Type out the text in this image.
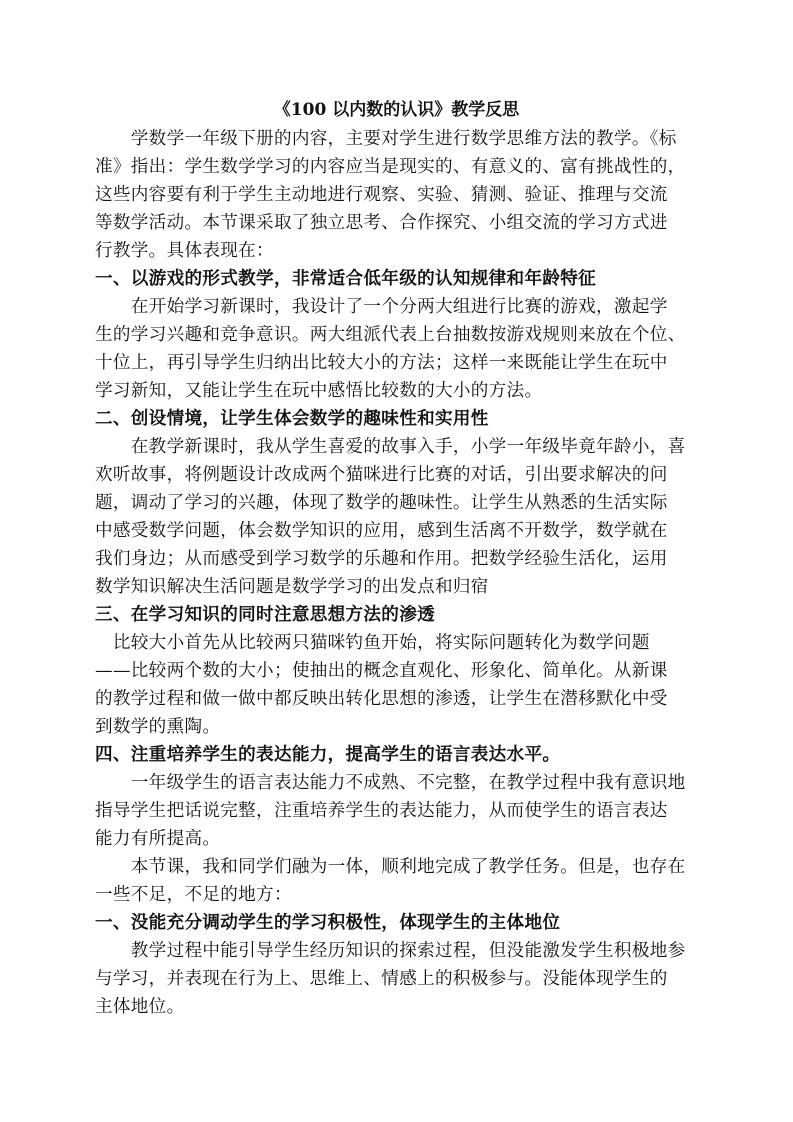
《100 以内数的认识》教学反思
　　学数学一年级下册的内容，主要对学生进行数学思维方法的教学。《标
准》指出：学生数学学习的内容应当是现实的、有意义的、富有挑战性的，
这些内容要有利于学生主动地进行观察、实验、猜测、验证、推理与交流
等数学活动。本节课采取了独立思考、合作探究、小组交流的学习方式进
行教学。具体表现在：
一、以游戏的形式教学，非常适合低年级的认知规律和年龄特征
　　在开始学习新课时，我设计了一个分两大组进行比赛的游戏，激起学
生的学习兴趣和竞争意识。两大组派代表上台抽数按游戏规则来放在个位、
十位上，再引导学生归纳出比较大小的方法；这样一来既能让学生在玩中
学习新知，又能让学生在玩中感悟比较数的大小的方法。
二、创设情境，让学生体会数学的趣味性和实用性
　　在教学新课时，我从学生喜爱的故事入手，小学一年级毕竟年龄小，喜
欢听故事，将例题设计改成两个猫咪进行比赛的对话，引出要求解决的问
题，调动了学习的兴趣，体现了数学的趣味性。让学生从熟悉的生活实际
中感受数学问题，体会数学知识的应用，感到生活离不开数学，数学就在
我们身边；从而感受到学习数学的乐趣和作用。把数学经验生活化，运用
数学知识解决生活问题是数学学习的出发点和归宿
三、在学习知识的同时注意思想方法的渗透
　比较大小首先从比较两只猫咪钓鱼开始，将实际问题转化为数学问题
——比较两个数的大小；使抽出的概念直观化、形象化、简单化。从新课
的教学过程和做一做中都反映出转化思想的渗透，让学生在潜移默化中受
到数学的熏陶。
四、注重培养学生的表达能力，提高学生的语言表达水平。
　　一年级学生的语言表达能力不成熟、不完整，在教学过程中我有意识地
指导学生把话说完整，注重培养学生的表达能力，从而使学生的语言表达
能力有所提高。
　　本节课，我和同学们融为一体，顺利地完成了教学任务。但是，也存在
一些不足，不足的地方：
一、没能充分调动学生的学习积极性，体现学生的主体地位
　　教学过程中能引导学生经历知识的探索过程，但没能激发学生积极地参
与学习，并表现在行为上、思维上、情感上的积极参与。没能体现学生的
主体地位。
